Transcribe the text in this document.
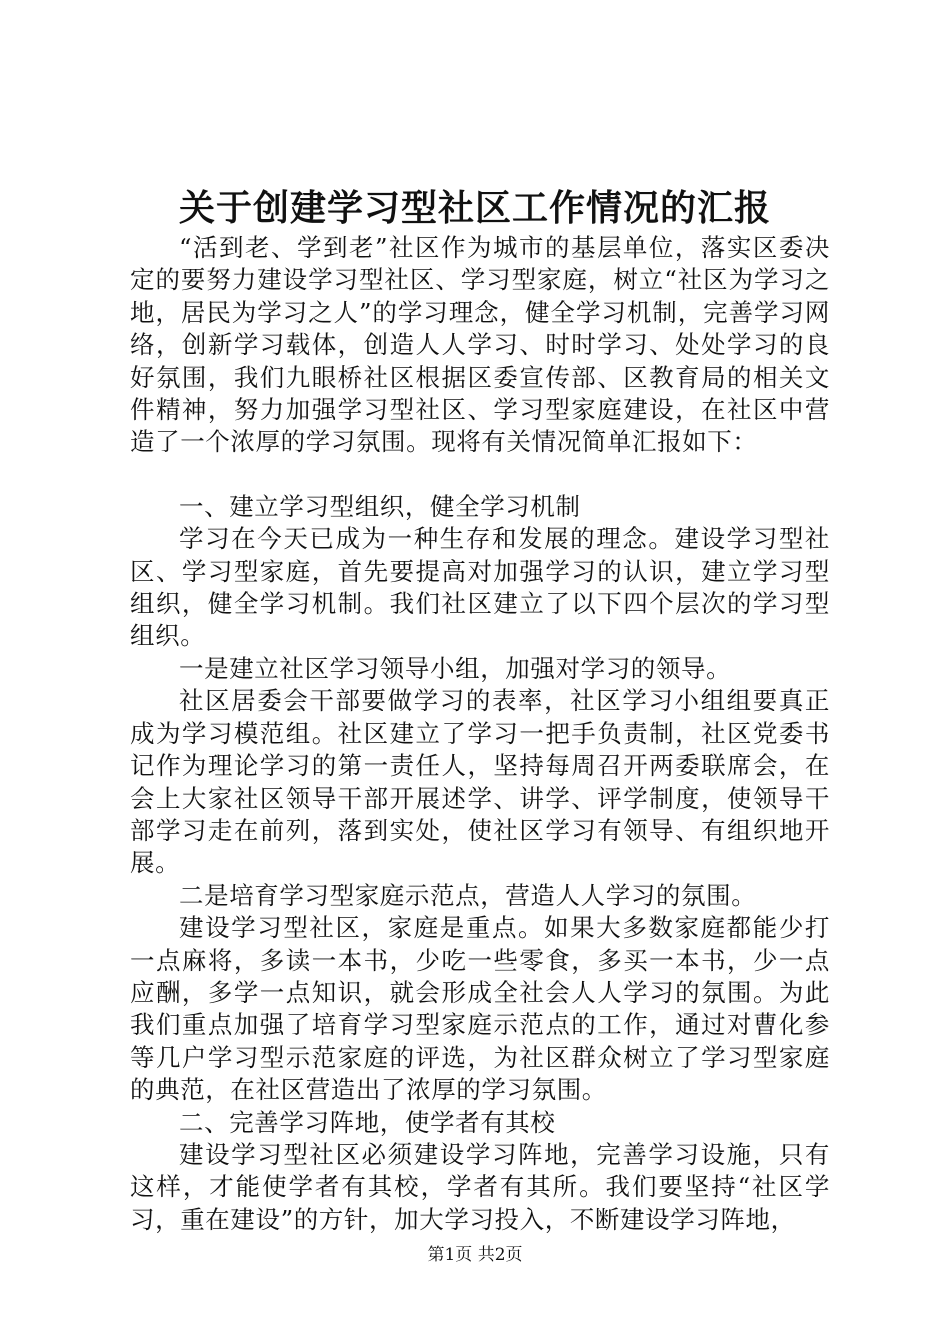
关于创建学习型社区工作情况的汇报

“活到老、学到老”社区作为城市的基层单位，落实区委决定的要努力建设学习型社区、学习型家庭，树立“社区为学习之地，居民为学习之人”的学习理念，健全学习机制，完善学习网络，创新学习载体，创造人人学习、时时学习、处处学习的良好氛围，我们九眼桥社区根据区委宣传部、区教育局的相关文件精神，努力加强学习型社区、学习型家庭建设，在社区中营造了一个浓厚的学习氛围。现将有关情况简单汇报如下：

一、建立学习型组织，健全学习机制

学习在今天已成为一种生存和发展的理念。建设学习型社区、学习型家庭，首先要提高对加强学习的认识，建立学习型组织，健全学习机制。我们社区建立了以下四个层次的学习型组织。

一是建立社区学习领导小组，加强对学习的领导。

社区居委会干部要做学习的表率，社区学习小组组要真正成为学习模范组。社区建立了学习一把手负责制，社区党委书记作为理论学习的第一责任人，坚持每周召开两委联席会，在会上大家社区领导干部开展述学、讲学、评学制度，使领导干部学习走在前列，落到实处，使社区学习有领导、有组织地开展。

二是培育学习型家庭示范点，营造人人学习的氛围。

建设学习型社区，家庭是重点。如果大多数家庭都能少打一点麻将，多读一本书，少吃一些零食，多买一本书，少一点应酬，多学一点知识，就会形成全社会人人学习的氛围。为此我们重点加强了培育学习型家庭示范点的工作，通过对曹化参等几户学习型示范家庭的评选，为社区群众树立了学习型家庭的典范，在社区营造出了浓厚的学习氛围。

二、完善学习阵地，使学者有其校

建设学习型社区必须建设学习阵地，完善学习设施，只有这样，才能使学者有其校，学者有其所。我们要坚持“社区学习，重在建设”的方针，加大学习投入，不断建设学习阵地，

第1页 共2页
